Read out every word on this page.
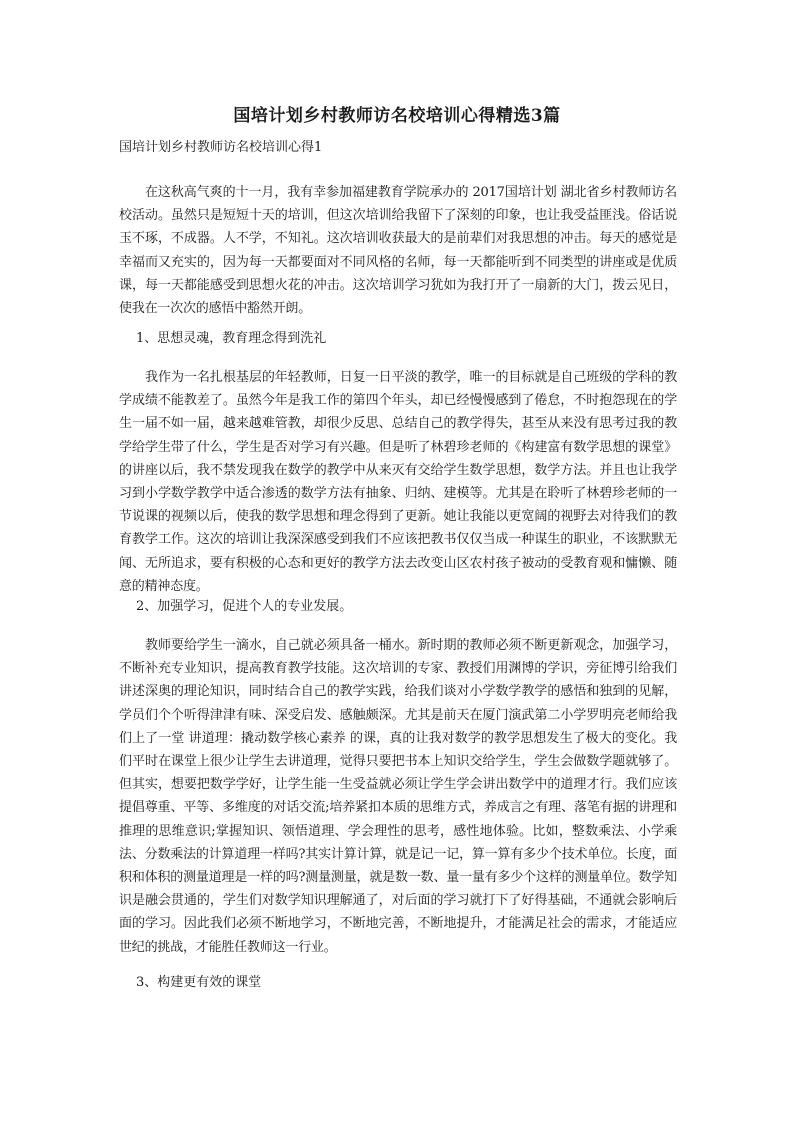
国培计划乡村教师访名校培训心得精选3篇
国培计划乡村教师访名校培训心得1
在这秋高气爽的十一月，我有幸参加福建教育学院承办的 2017国培计划 湖北省乡村教师访名校活动。虽然只是短短十天的培训，但这次培训给我留下了深刻的印象，也让我受益匪浅。俗话说 玉不琢，不成器。人不学，不知礼。这次培训收获最大的是前辈们对我思想的冲击。每天的感觉是幸福而又充实的，因为每一天都要面对不同风格的名师，每一天都能听到不同类型的讲座或是优质课，每一天都能感受到思想火花的冲击。这次培训学习犹如为我打开了一扇新的大门，拨云见日，使我在一次次的感悟中豁然开朗。
1、思想灵魂，教育理念得到洗礼
我作为一名扎根基层的年轻教师，日复一日平淡的教学，唯一的目标就是自己班级的学科的教学成绩不能教差了。虽然今年是我工作的第四个年头，却已经慢慢感到了倦怠，不时抱怨现在的学生一届不如一届，越来越难管教，却很少反思、总结自己的教学得失，甚至从来没有思考过我的教学给学生带了什么，学生是否对学习有兴趣。但是听了林碧珍老师的《构建富有数学思想的课堂》的讲座以后，我不禁发现我在数学的教学中从来灭有交给学生数学思想，数学方法。并且也让我学习到小学数学教学中适合渗透的数学方法有抽象、归纳、建模等。尤其是在聆听了林碧珍老师的一节说课的视频以后，使我的数学思想和理念得到了更新。她让我能以更宽阔的视野去对待我们的教育教学工作。这次的培训让我深深感受到我们不应该把教书仅仅当成一种谋生的职业，不该默默无闻、无所追求，要有积极的心态和更好的教学方法去改变山区农村孩子被动的受教育观和慵懒、随意的精神态度。
2、加强学习，促进个人的专业发展。
教师要给学生一滴水，自己就必须具备一桶水。新时期的教师必须不断更新观念，加强学习，不断补充专业知识，提高教育教学技能。这次培训的专家、教授们用渊博的学识，旁征博引给我们讲述深奥的理论知识，同时结合自己的教学实践，给我们谈对小学数学教学的感悟和独到的见解，学员们个个听得津津有味、深受启发、感触颇深。尤其是前天在厦门演武第二小学罗明亮老师给我们上了一堂 讲道理：撬动数学核心素养 的课，真的让我对数学的教学思想发生了极大的变化。我们平时在课堂上很少让学生去讲道理，觉得只要把书本上知识交给学生，学生会做数学题就够了。但其实，想要把数学学好，让学生能一生受益就必须让学生学会讲出数学中的道理才行。我们应该提倡尊重、平等、多维度的对话交流;培养紧扣本质的思维方式，养成言之有理、落笔有据的讲理和推理的思维意识;掌握知识、领悟道理、学会理性的思考，感性地体验。比如，整数乘法、小学乘法、分数乘法的计算道理一样吗?其实计算计算，就是记一记，算一算有多少个技术单位。长度，面积和体积的测量道理是一样的吗?测量测量，就是数一数、量一量有多少个这样的测量单位。数学知识是融会贯通的，学生们对数学知识理解通了，对后面的学习就打下了好得基础，不通就会影响后面的学习。因此我们必须不断地学习，不断地完善，不断地提升，才能满足社会的需求，才能适应世纪的挑战，才能胜任教师这一行业。
3、构建更有效的课堂
